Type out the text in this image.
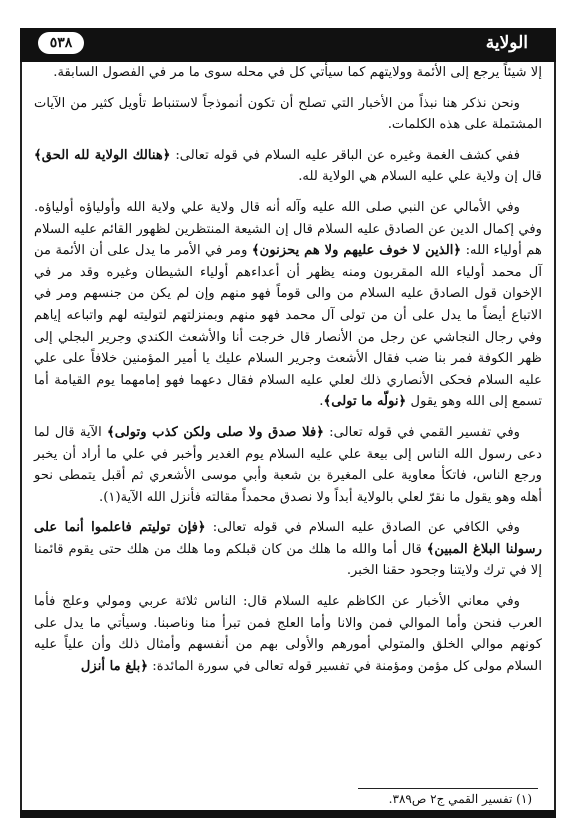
الولاية
٥٣٨

إلا شيئاً يرجع إلى الأئمة وولايتهم كما سيأتي كل في محله سوى ما مر في الفصول السابقة.

ونحن نذكر هنا نبذاً من الأخبار التي تصلح أن تكون أنموذجاً لاستنباط تأويل كثير من الآيات المشتملة على هذه الكلمات.

ففي كشف الغمة وغيره عن الباقر عليه السلام في قوله تعالى: ﴿هنالك الولاية لله الحق﴾ قال إن ولاية علي عليه السلام هي الولاية لله.

وفي الأمالي عن النبي صلى الله عليه وآله أنه قال ولاية علي ولاية الله وأولياؤه أولياؤه. وفي إكمال الدين عن الصادق عليه السلام قال إن الشيعة المنتظرين لظهور القائم عليه السلام هم أولياء الله: ﴿الذين لا خوف عليهم ولا هم يحزنون﴾ ومر في الأمر ما يدل على أن الأئمة من آل محمد أولياء الله المقربون ومنه يظهر أن أعداءهم أولياء الشيطان وغيره وقد مر في الإخوان قول الصادق عليه السلام من والى قوماً فهو منهم وإن لم يكن من جنسهم ومر في الاتباع أيضاً ما يدل على أن من تولى آل محمد فهو منهم وبمنزلتهم لتوليته لهم واتباعه إياهم وفي رجال النجاشي عن رجل من الأنصار قال خرجت أنا والأشعث الكندي وجرير البجلي إلى ظهر الكوفة فمر بنا ضب فقال الأشعث وجرير السلام عليك يا أمير المؤمنين خلافاً على علي عليه السلام فحكى الأنصاري ذلك لعلي عليه السلام فقال دعهما فهو إمامهما يوم القيامة أما تسمع إلى الله وهو يقول ﴿نولّه ما تولى﴾.

وفي تفسير القمي في قوله تعالى: ﴿فلا صدق ولا صلى ولكن كذب وتولى﴾ الآية قال لما دعى رسول الله الناس إلى بيعة علي عليه السلام يوم الغدير وأخبر في علي ما أراد أن يخبر ورجع الناس، فاتكأ معاوية على المغيرة بن شعبة وأبي موسى الأشعري ثم أقبل يتمطى نحو أهله وهو يقول ما نقرّ لعلي بالولاية أبداً ولا نصدق محمداً مقالته فأنزل الله الآية(١).

وفي الكافي عن الصادق عليه السلام في قوله تعالى: ﴿فإن توليتم فاعلموا أنما على رسولنا البلاغ المبين﴾ قال أما والله ما هلك من كان قبلكم وما هلك من هلك حتى يقوم قائمنا إلا في ترك ولايتنا وجحود حقنا الخبر.

وفي معاني الأخبار عن الكاظم عليه السلام قال: الناس ثلاثة عربي ومولي وعلج فأما العرب فنحن وأما الموالي فمن والانا وأما العلج فمن تبرأ منا وناصبنا. وسيأتي ما يدل على كونهم موالي الخلق والمتولي أمورهم والأولى بهم من أنفسهم وأمثال ذلك وأن علياً عليه السلام مولى كل مؤمن ومؤمنة في تفسير قوله تعالى في سورة المائدة: ﴿بلغ ما أنزل

(١) تفسير القمي ج٢ ص٣٨٩.
